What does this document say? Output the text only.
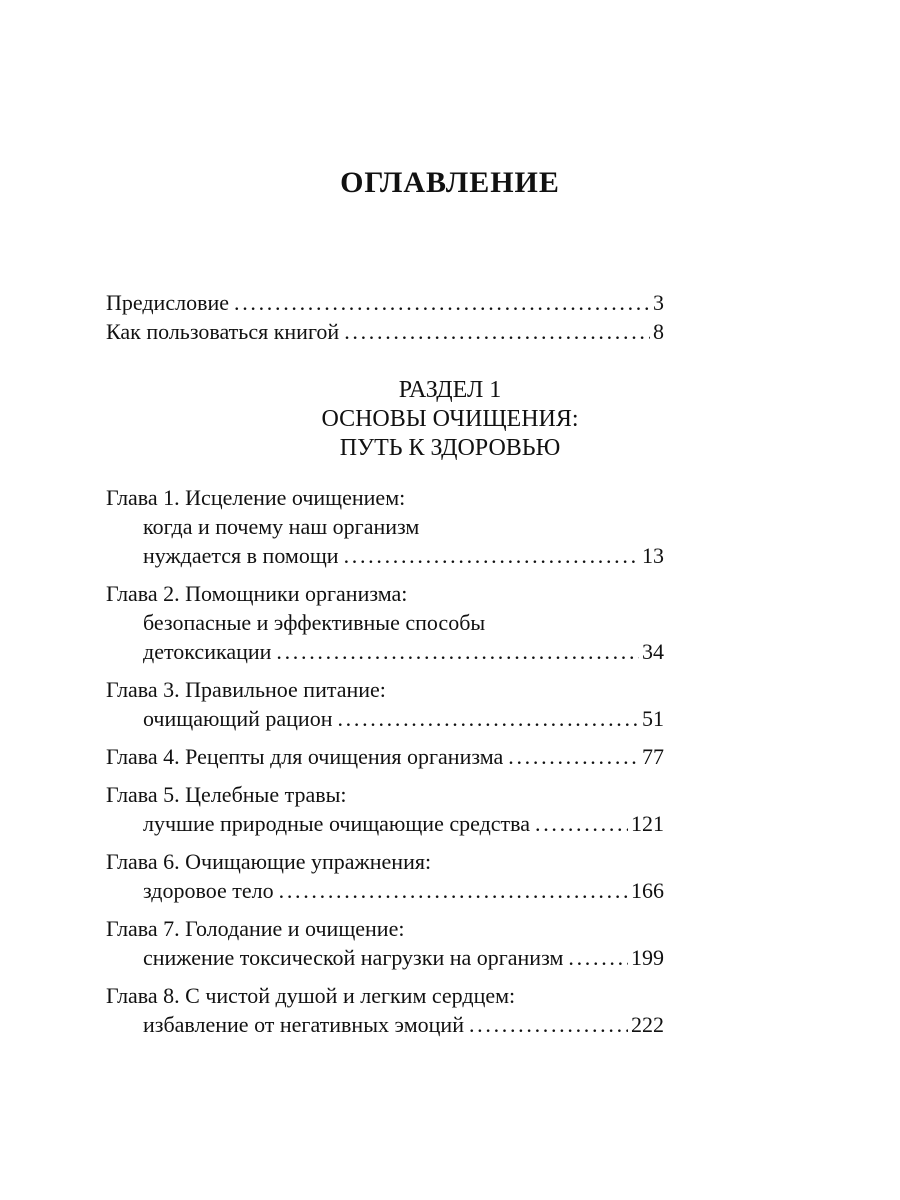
ОГЛАВЛЕНИЕ
Предисловие . . .	3
Как пользоваться книгой . . .	8
РАЗДЕЛ 1
ОСНОВЫ ОЧИЩЕНИЯ:
ПУТЬ К ЗДОРОВЬЮ
Глава 1. Исцеление очищением:
когда и почему наш организм
нуждается в помощи . . .	13
Глава 2. Помощники организма:
безопасные и эффективные способы
детоксикации . . .	34
Глава 3. Правильное питание:
очищающий рацион . . .	51
Глава 4. Рецепты для очищения организма . . .	77
Глава 5. Целебные травы:
лучшие природные очищающие средства . . .	121
Глава 6. Очищающие упражнения:
здоровое тело . . .	166
Глава 7. Голодание и очищение:
снижение токсической нагрузки на организм . . .	199
Глава 8. С чистой душой и легким сердцем:
избавление от негативных эмоций . . .	222
